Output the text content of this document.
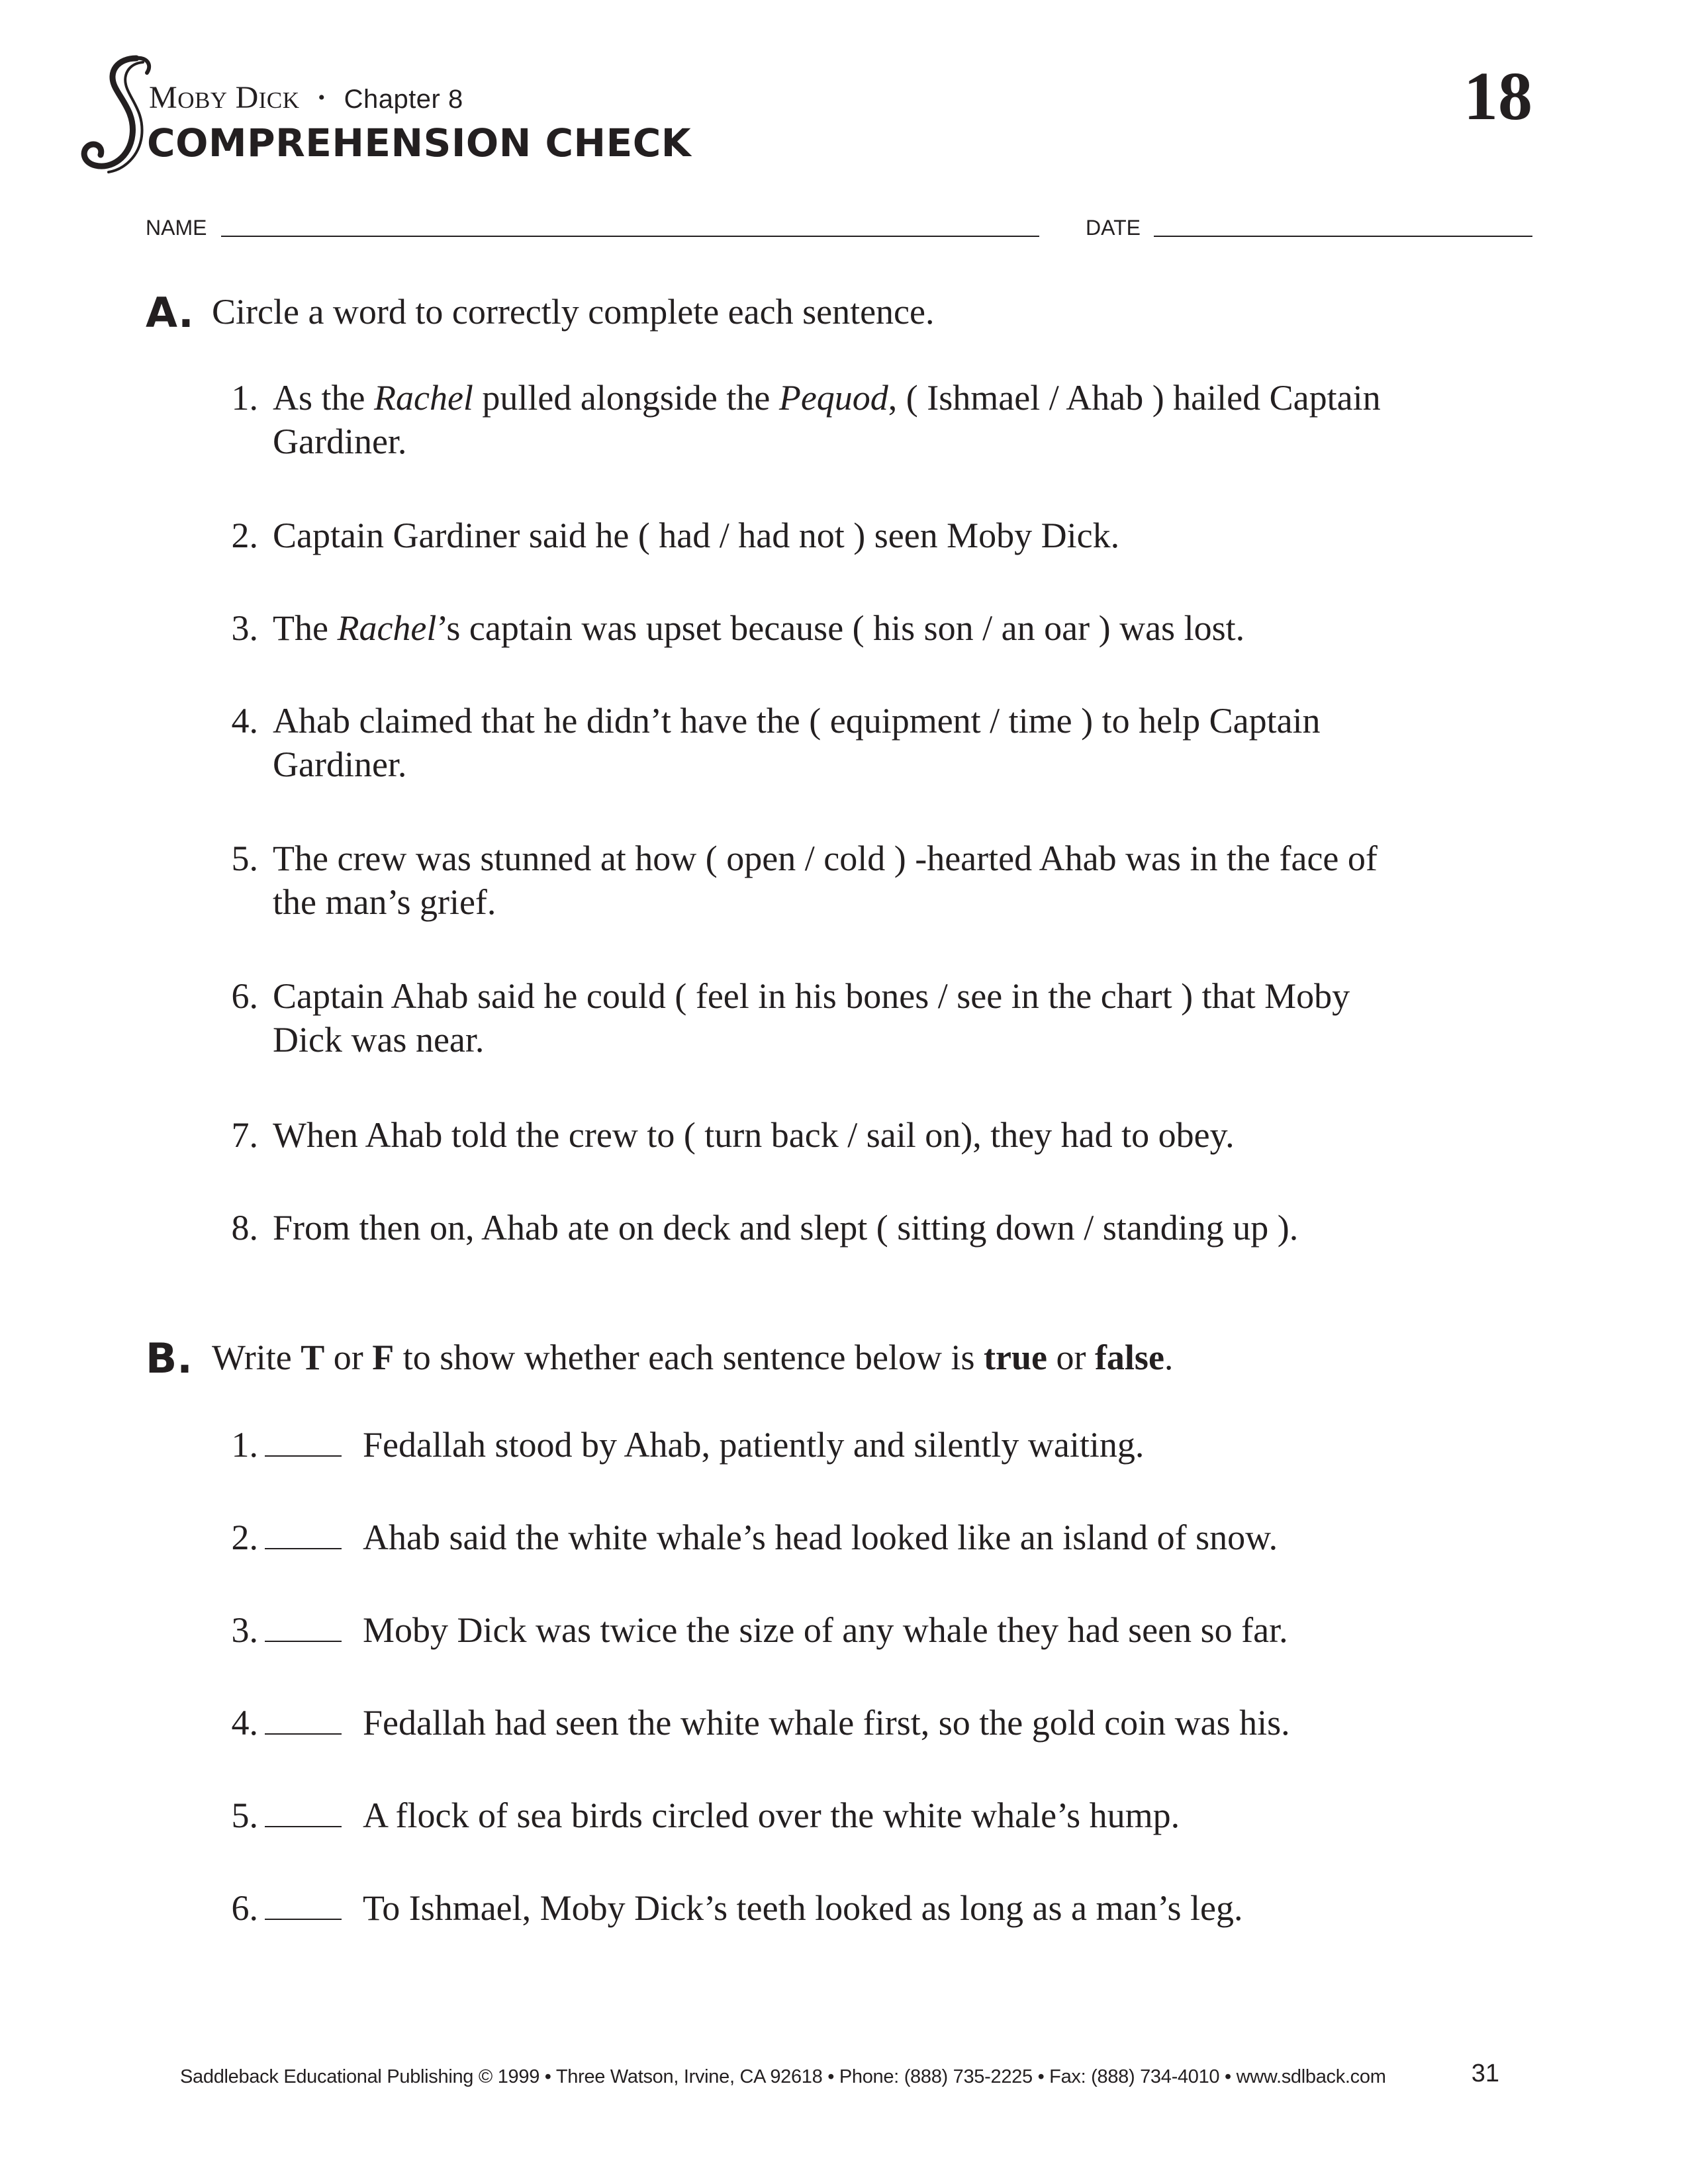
MOBY DICK • Chapter 8
COMPREHENSION CHECK
18
NAME	DATE
A. Circle a word to correctly complete each sentence.
1. As the Rachel pulled alongside the Pequod, ( Ishmael / Ahab ) hailed Captain Gardiner.
2. Captain Gardiner said he ( had / had not ) seen Moby Dick.
3. The Rachel’s captain was upset because ( his son / an oar ) was lost.
4. Ahab claimed that he didn’t have the ( equipment / time ) to help Captain Gardiner.
5. The crew was stunned at how ( open / cold ) -hearted Ahab was in the face of the man’s grief.
6. Captain Ahab said he could ( feel in his bones / see in the chart ) that Moby Dick was near.
7. When Ahab told the crew to ( turn back / sail on), they had to obey.
8. From then on, Ahab ate on deck and slept ( sitting down / standing up ).
B. Write T or F to show whether each sentence below is true or false.
1.	Fedallah stood by Ahab, patiently and silently waiting.
2.	Ahab said the white whale’s head looked like an island of snow.
3.	Moby Dick was twice the size of any whale they had seen so far.
4.	Fedallah had seen the white whale first, so the gold coin was his.
5.	A flock of sea birds circled over the white whale’s hump.
6.	To Ishmael, Moby Dick’s teeth looked as long as a man’s leg.
Saddleback Educational Publishing © 1999 • Three Watson, Irvine, CA 92618 • Phone: (888) 735-2225 • Fax: (888) 734-4010 • www.sdlback.com	31
